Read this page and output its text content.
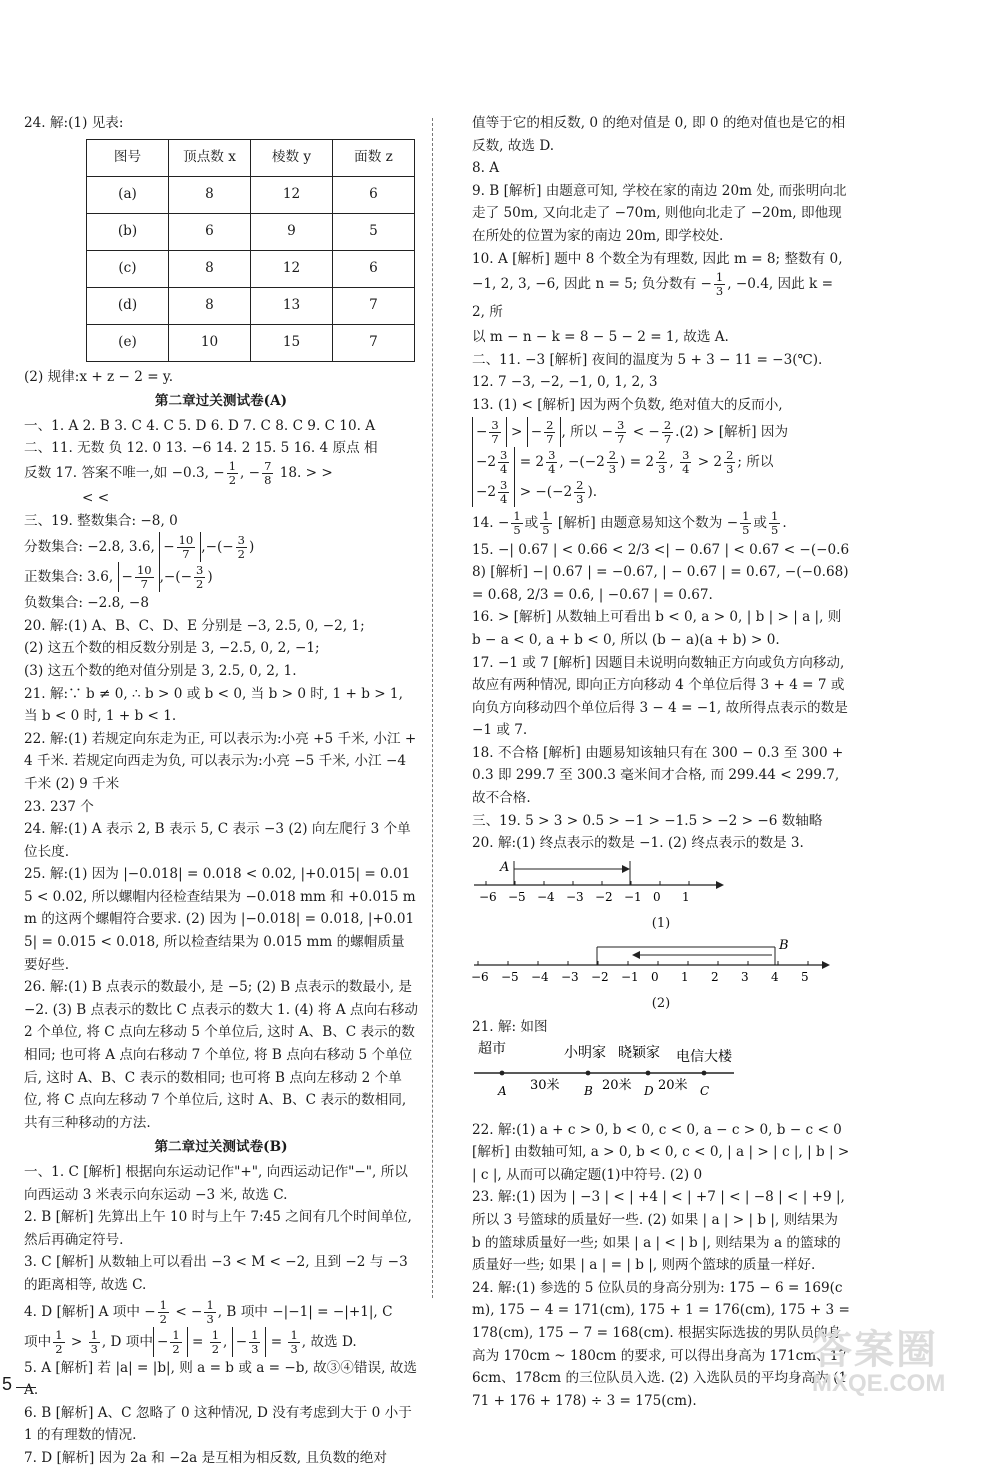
24. 解:(1) 见表:
图号	顶点数 x	棱数 y	面数 z
(a)	8	12	6
(b)	6	9	5
(c)	8	12	6
(d)	8	13	7
(e)	10	15	7
(2) 规律:x + z − 2 = y.
第二章过关测试卷(A)
一、1. A 2. B 3. C 4. C 5. D 6. D 7. C 8. C 9. C 10. A
二、11. 无数 负 12. 0 13. −6 14. 2 15. 5 16. 4 原点 相
反数 17. 答案不唯一,如 −0.3, − $\frac{1}{2}$ , − $\frac{7}{8} 18$. > >
< <
三、19. 整数集合: −8, 0
分数集合: −2.8, 3.6, − $\frac{10}{7}$ ,−(− $\frac{3}{2}$ )
正数集合: 3.6, − $\frac{10}{7}$ ,−(− $\frac{3}{2}$ )
负数集合: −2.8, −8
20. 解:(1) A、B、C、D、E 分别是 −3, 2.5, 0, −2, 1;
(2) 这五个数的相反数分别是 3, −2.5, 0, 2, −1;
(3) 这五个数的绝对值分别是 3, 2.5, 0, 2, 1.
21. 解:∵ b ≠ 0, ∴ b > 0 或 b < 0, 当 b > 0 时, 1 + b > 1, 当 b < 0 时, 1 + b < 1.
22. 解:(1) 若规定向东走为正, 可以表示为:小亮 +5 千米, 小江 +4 千米. 若规定向西走为负, 可以表示为:小亮 −5 千米, 小江 −4 千米 (2) 9 千米
23. 237 个
24. 解:(1) A 表示 2, B 表示 5, C 表示 −3 (2) 向左爬行 3 个单位长度.
25. 解:(1) 因为 |−0.018| = 0.018 < 0.02, |+0.015| = 0.015 < 0.02, 所以螺帽内径检查结果为 −0.018 mm 和 +0.015 mm 的这两个螺帽符合要求. (2) 因为 |−0.018| = 0.018, |+0.015| = 0.015 < 0.018, 所以检查结果为 0.015 mm 的螺帽质量要好些.
26. 解:(1) B 点表示的数最小, 是 −5; (2) B 点表示的数最小, 是 −2. (3) B 点表示的数比 C 点表示的数大 1. (4) 将 A 点向右移动 2 个单位, 将 C 点向左移动 5 个单位后, 这时 A、B、C 表示的数相同; 也可将 A 点向右移动 7 个单位, 将 B 点向右移动 5 个单位后, 这时 A、B、C 表示的数相同; 也可将 B 点向左移动 2 个单位, 将 C 点向左移动 7 个单位后, 这时 A、B、C 表示的数相同, 共有三种移动的方法.
第二章过关测试卷(B)
一、1. C [解析] 根据向东运动记作"+", 向西运动记作"−", 所以向西运动 3 米表示向东运动 −3 米, 故选 C.
2. B [解析] 先算出上午 10 时与上午 7:45 之间有几个时间单位, 然后再确定符号.
3. C [解析] 从数轴上可以看出 −3 < M < −2, 且到 −2 与 −3 的距离相等, 故选 C.
4. D [解析] A 项中 − $\frac{1}{2}$ < − $\frac{1}{3}$ , B 项中 −|−1| = −|+1|, C
项中 $\frac{1}{2} > \frac{1}{3}$ , D 项中 − $\frac{1}{2} = \frac{1}{2}$ , − $\frac{1}{3} = \frac{1}{3}$ , 故选 D.
5. A [解析] 若 |a| = |b|, 则 a = b 或 a = −b, 故③④错误, 故选 A.
6. B [解析] A、C 忽略了 0 这种情况, D 没有考虑到大于 0 小于 1 的有理数的情况.
7. D [解析] 因为 2a 和 −2a 是互相为相反数, 且负数的绝对
值等于它的相反数, 0 的绝对值是 0, 即 0 的绝对值也是它的相反数, 故选 D.
8. A
9. B [解析] 由题意可知, 学校在家的南边 20m 处, 而张明向北走了 50m, 又向北走了 −70m, 则他向北走了 −20m, 即他现在所处的位置为家的南边 20m, 即学校处.
10. A [解析] 题中 8 个数全为有理数, 因此 m = 8; 整数有 0,
−1, 2, 3, −6, 因此 n = 5; 负分数有 − $\frac{1}{3}$ , −0.4, 因此 k = 2, 所
以 m − n − k = 8 − 5 − 2 = 1, 故选 A.
二、11. −3 [解析] 夜间的温度为 5 + 3 − 11 = −3(℃).
12. 7 −3, −2, −1, 0, 1, 2, 3
13. (1) < [解析] 因为两个负数, 绝对值大的反而小,
− $\frac{3}{7}$ > − $\frac{2}{7}$ , 所以 − $\frac{3}{7}$ < − $\frac{2}{7} .(2)$ > [解析] 因为
$-2 \frac{3}{4} = 2 \frac{3}{4}$ , $-(-2 \frac{2}{3}$ ) = $2 \frac{2}{3}$ , $\frac{3}{4} > 2 \frac{2}{3}$ ; 所以
$-2 \frac{3}{4} > -(-2 \frac{2}{3}$ ).
14. − $\frac{1}{5}$ 或 $\frac{1}{5}$ [解析] 由题意易知这个数为 − $\frac{1}{5}$ 或 $\frac{1}{5}$ .
15. −| 0.67 | < 0.66 < 2/3 <| − 0.67 | < 0.67̇ < −(−0.68) [解析] −| 0.67 | = −0.67, | − 0.67 | = 0.67, −(−0.68) = 0.68, 2/3 = 0.6̇, | −0.67 | = 0.67.
16. > [解析] 从数轴上可看出 b < 0, a > 0, | b | > | a |, 则 b − a < 0, a + b < 0, 所以 (b − a)(a + b) > 0.
17. −1 或 7 [解析] 因题目未说明向数轴正方向或负方向移动, 故应有两种情况, 即向正方向移动 4 个单位后得 3 + 4 = 7 或向负方向移动四个单位后得 3 − 4 = −1, 故所得点表示的数是 −1 或 7.
18. 不合格 [解析] 由题易知该轴只有在 300 − 0.3 至 300 + 0.3 即 299.7 至 300.3 毫米间才合格, 而 299.44 < 299.7, 故不合格.
三、19. 5 > 3 > 0.5 > −1 > −1.5 > −2 > −6 数轴略
20. 解:(1) 终点表示的数是 −1. (2) 终点表示的数是 3.
A
−6 −5 −4 −3 −2 −1 0 1
(1)
B
−6 −5 −4 −3 −2 −1 0 1 2 3 4 5
(2)
21. 解: 如图
超市	小明家 晓颖家 电信大楼
A	B	D	C
30米	20米 20米
22. 解:(1) a + c > 0, b < 0, c < 0, a − c > 0, b − c < 0 [解析] 由数轴可知, a > 0, b < 0, c < 0, | a | > | c |, | b | > | c |, 从而可以确定题(1)中符号. (2) 0
23. 解:(1) 因为 | −3 | < | +4 | < | +7 | < | −8 | < | +9 |, 所以 3 号篮球的质量好一些. (2) 如果 | a | > | b |, 则结果为 b 的篮球质量好一些; 如果 | a | < | b |, 则结果为 a 的篮球的质量好一些; 如果 | a | = | b |, 则两个篮球的质量一样好.
24. 解:(1) 参选的 5 位队员的身高分别为: 175 − 6 = 169(cm), 175 − 4 = 171(cm), 175 + 1 = 176(cm), 175 + 3 = 178(cm), 175 − 7 = 168(cm). 根据实际选拔的男队员的身高为 170cm ~ 180cm 的要求, 可以得出身高为 171cm、176cm、178cm 的三位队员入选. (2) 入选队员的平均身高为 (171 + 176 + 178) ÷ 3 = 175(cm).
5
答案圈
MXQE.COM
